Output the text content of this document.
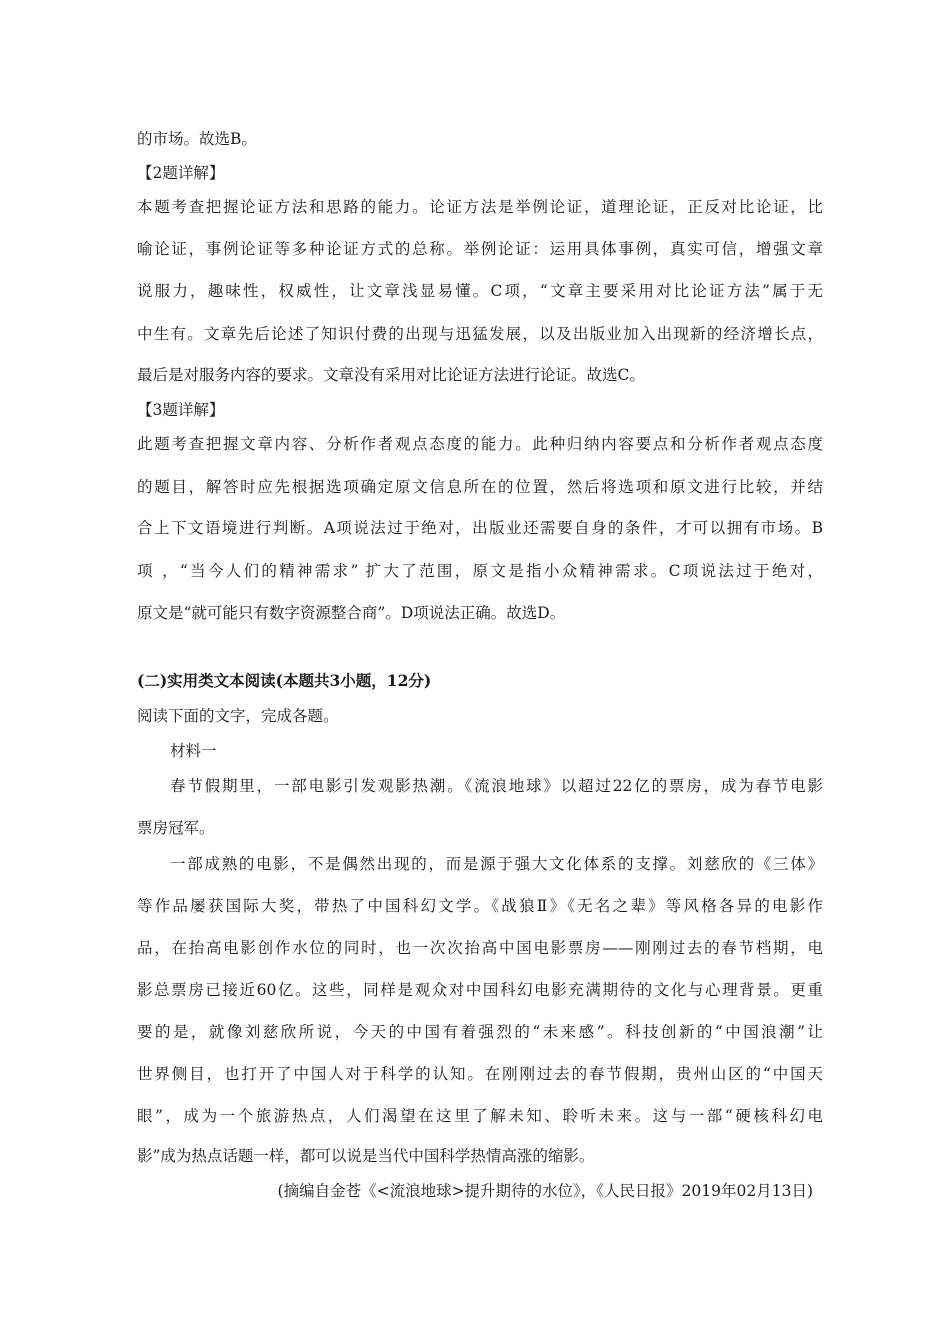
的市场。故选B。
【2题详解】
本题考查把握论证方法和思路的能力。论证方法是举例论证，道理论证，正反对比论证，比
喻论证，事例论证等多种论证方式的总称。举例论证：运用具体事例，真实可信，增强文章
说服力，趣味性，权威性，让文章浅显易懂。C项，“文章主要采用对比论证方法”属于无
中生有。文章先后论述了知识付费的出现与迅猛发展，以及出版业加入出现新的经济增长点，
最后是对服务内容的要求。文章没有采用对比论证方法进行论证。故选C。
【3题详解】
此题考查把握文章内容、分析作者观点态度的能力。此种归纳内容要点和分析作者观点态度
的题目，解答时应先根据选项确定原文信息所在的位置，然后将选项和原文进行比较，并结
合上下文语境进行判断。A项说法过于绝对，出版业还需要自身的条件，才可以拥有市场。B
项 ，“当今人们的精神需求” 扩大了范围，原文是指小众精神需求。C项说法过于绝对，
原文是“就可能只有数字资源整合商”。D项说法正确。故选D。
(二)实用类文本阅读(本题共3小题，12分)
阅读下面的文字，完成各题。
材料一
春节假期里，一部电影引发观影热潮。《流浪地球》以超过22亿的票房，成为春节电影
票房冠军。
一部成熟的电影，不是偶然出现的，而是源于强大文化体系的支撑。刘慈欣的《三体》
等作品屡获国际大奖，带热了中国科幻文学。《战狼Ⅱ》《无名之辈》等风格各异的电影作
品，在抬高电影创作水位的同时，也一次次抬高中国电影票房——刚刚过去的春节档期，电
影总票房已接近60亿。这些，同样是观众对中国科幻电影充满期待的文化与心理背景。更重
要的是，就像刘慈欣所说，今天的中国有着强烈的“未来感”。科技创新的“中国浪潮”让
世界侧目，也打开了中国人对于科学的认知。在刚刚过去的春节假期，贵州山区的“中国天
眼”，成为一个旅游热点，人们渴望在这里了解未知、聆听未来。这与一部“硬核科幻电
影”成为热点话题一样，都可以说是当代中国科学热情高涨的缩影。
(摘编自金苍《<流浪地球>提升期待的水位》，《人民日报》2019年02月13日)
